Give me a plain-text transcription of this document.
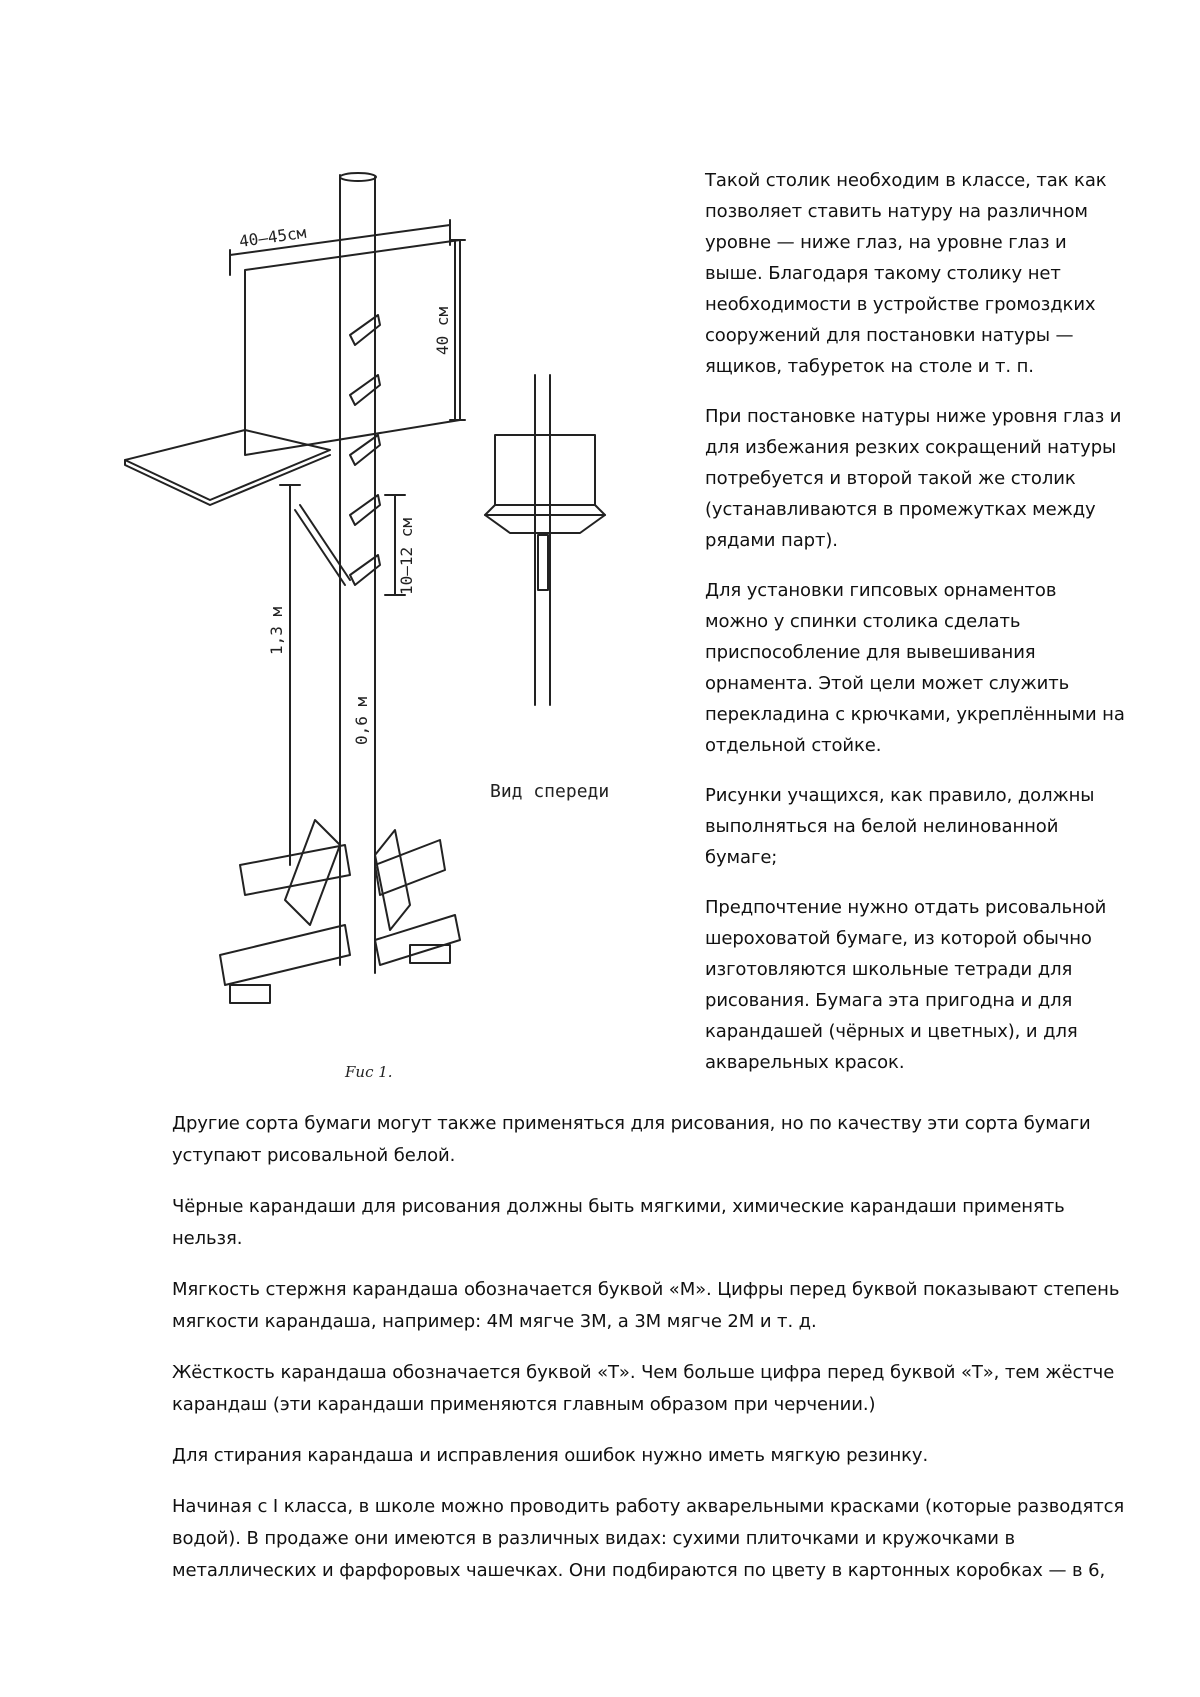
40–45см
40 см
10—12 см
1,3 м
0,6 м
Вид спереди
Fuc 1.

Такой столик необходим в классе, так как позволяет ставить натуру на различном уровне — ниже глаз, на уровне глаз и выше. Благодаря такому столику нет необходимости в устройстве громоздких сооружений для постановки натуры — ящиков, табуреток на столе и т. п.

При постановке натуры ниже уровня глаз и для избежания резких сокращений натуры потребуется и второй такой же столик (устанавливаются в промежутках между рядами парт).

Для установки гипсовых орнаментов можно у спинки столика сделать приспособление для вывешивания орнамента. Этой цели может служить перекладина с крючками, укреплёнными на отдельной стойке.

Рисунки учащихся, как правило, должны выполняться на белой нелинованной бумаге;

Предпочтение нужно отдать рисовальной шероховатой бумаге, из которой обычно изготовляются школьные тетради для рисования. Бумага эта пригодна и для карандашей (чёрных и цветных), и для акварельных красок.

Другие сорта бумаги могут также применяться для рисования, но по качеству эти сорта бумаги уступают рисовальной белой.

Чёрные карандаши для рисования должны быть мягкими, химические карандаши применять нельзя.

Мягкость стержня карандаша обозначается буквой «М». Цифры перед буквой показывают степень мягкости карандаша, например: 4М мягче 3М, а 3М мягче 2М и т. д.

Жёсткость карандаша обозначается буквой «Т». Чем больше цифра перед буквой «Т», тем жёстче карандаш (эти карандаши применяются главным образом при черчении.)

Для стирания карандаша и исправления ошибок нужно иметь мягкую резинку.

Начиная с I класса, в школе можно проводить работу акварельными красками (которые разводятся водой). В продаже они имеются в различных видах: сухими плиточками и кружочками в металлических и фарфоровых чашечках. Они подбираются по цвету в картонных коробках — в 6,
